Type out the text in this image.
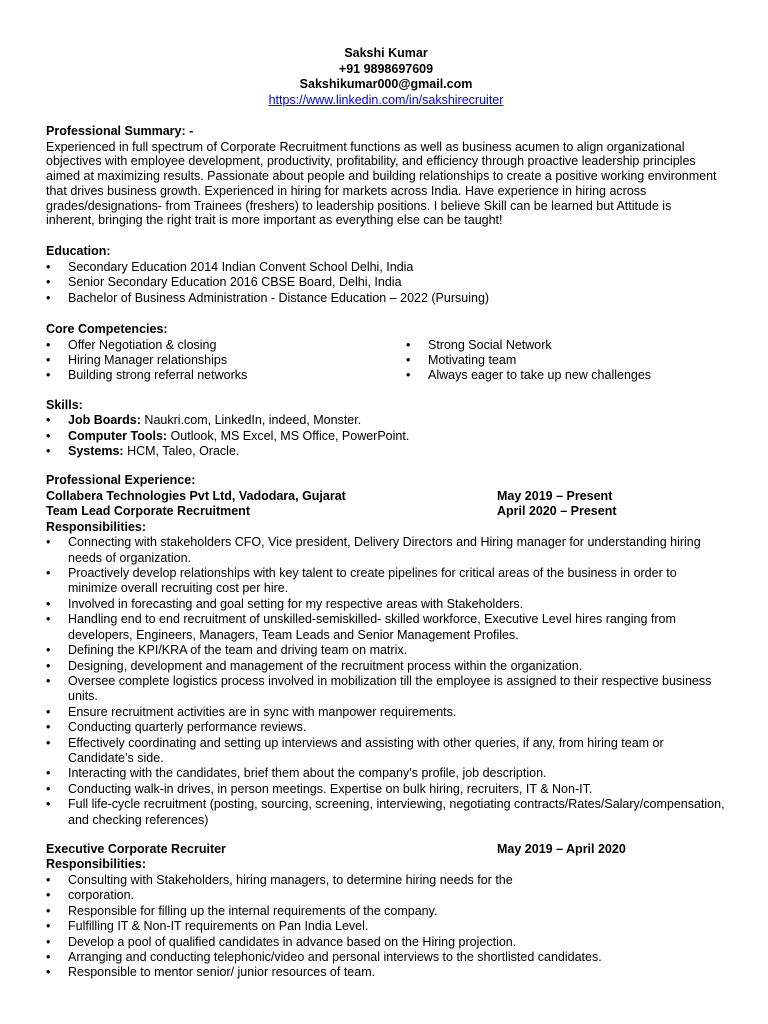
Sakshi Kumar
+91 9898697609
Sakshikumar000@gmail.com
https://www.linkedin.com/in/sakshirecruiter

Professional Summary: -

Experienced in full spectrum of Corporate Recruitment functions as well as business acumen to align organizational

objectives with employee development, productivity, profitability, and efficiency through proactive leadership principles

aimed at maximizing results. Passionate about people and building relationships to create a positive working environment

that drives business growth. Experienced in hiring for markets across India. Have experience in hiring across

grades/designations- from Trainees (freshers) to leadership positions. I believe Skill can be learned but Attitude is

inherent, bringing the right trait is more important as everything else can be taught!

Education:

• Secondary Education 2014 Indian Convent School Delhi, India
• Senior Secondary Education 2016 CBSE Board, Delhi, India
• Bachelor of Business Administration - Distance Education – 2022 (Pursuing)

Core Competencies:

• Offer Negotiation & closing
• Hiring Manager relationships
• Building strong referral networks
• Strong Social Network
• Motivating team
• Always eager to take up new challenges

Skills:

• Job Boards: Naukri.com, LinkedIn, indeed, Monster.
• Computer Tools: Outlook, MS Excel, MS Office, PowerPoint.
• Systems: HCM, Taleo, Oracle.

Professional Experience:

Collabera Technologies Pvt Ltd, Vadodara, Gujarat	May 2019 – Present
Team Lead Corporate Recruitment	April 2020 – Present

Responsibilities:

• Connecting with stakeholders CFO, Vice president, Delivery Directors and Hiring manager for understanding hiring needs of organization.
• Proactively develop relationships with key talent to create pipelines for critical areas of the business in order to minimize overall recruiting cost per hire.
• Involved in forecasting and goal setting for my respective areas with Stakeholders.
• Handling end to end recruitment of unskilled-semiskilled- skilled workforce, Executive Level hires ranging from developers, Engineers, Managers, Team Leads and Senior Management Profiles.
• Defining the KPI/KRA of the team and driving team on matrix.
• Designing, development and management of the recruitment process within the organization.
• Oversee complete logistics process involved in mobilization till the employee is assigned to their respective business units.
• Ensure recruitment activities are in sync with manpower requirements.
• Conducting quarterly performance reviews.
• Effectively coordinating and setting up interviews and assisting with other queries, if any, from hiring team or Candidate’s side.
• Interacting with the candidates, brief them about the company’s profile, job description.
• Conducting walk-in drives, in person meetings. Expertise on bulk hiring, recruiters, IT & Non-IT.
• Full life-cycle recruitment (posting, sourcing, screening, interviewing, negotiating contracts/Rates/Salary/compensation, and checking references)
Executive Corporate Recruiter	May 2019 – April 2020

Responsibilities:

• Consulting with Stakeholders, hiring managers, to determine hiring needs for the
• corporation.
• Responsible for filling up the internal requirements of the company.
• Fulfilling IT & Non-IT requirements on Pan India Level.
• Develop a pool of qualified candidates in advance based on the Hiring projection.
• Arranging and conducting telephonic/video and personal interviews to the shortlisted candidates.
• Responsible to mentor senior/ junior resources of team.
